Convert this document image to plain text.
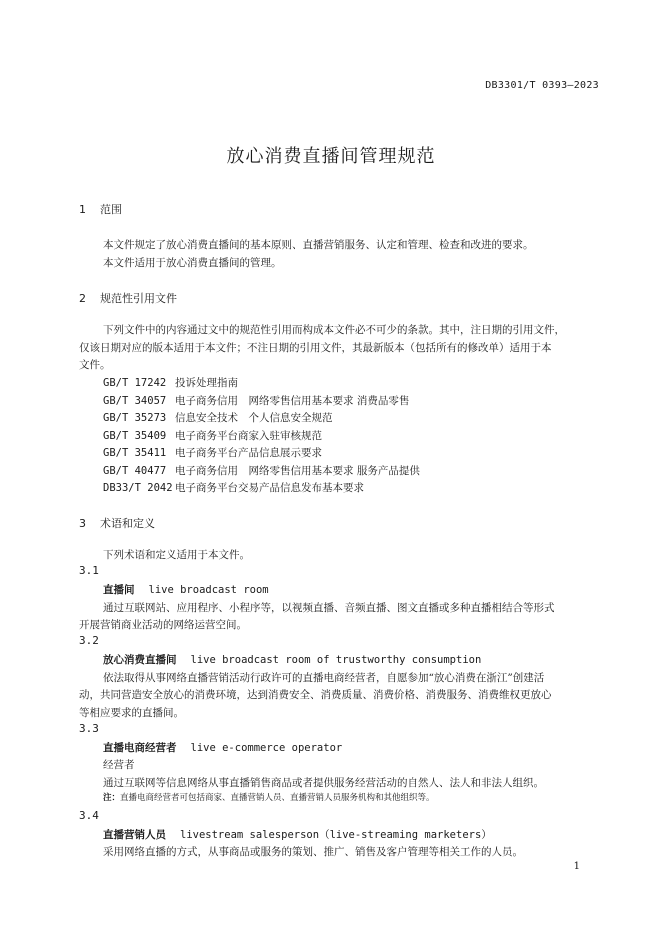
DB3301/T 0393—2023
放心消费直播间管理规范
1 范围
本文件规定了放心消费直播间的基本原则、直播营销服务、认定和管理、检查和改进的要求。
本文件适用于放心消费直播间的管理。
2 规范性引用文件
下列文件中的内容通过文中的规范性引用而构成本文件必不可少的条款。其中，注日期的引用文件，
仅该日期对应的版本适用于本文件；不注日期的引用文件，其最新版本（包括所有的修改单）适用于本
文件。
GB/T 17242 投诉处理指南
GB/T 34057 电子商务信用　网络零售信用基本要求 消费品零售
GB/T 35273 信息安全技术　个人信息安全规范
GB/T 35409 电子商务平台商家入驻审核规范
GB/T 35411 电子商务平台产品信息展示要求
GB/T 40477 电子商务信用　网络零售信用基本要求 服务产品提供
DB33/T 2042 电子商务平台交易产品信息发布基本要求
3 术语和定义
下列术语和定义适用于本文件。
3.1
直播间 live broadcast room
通过互联网站、应用程序、小程序等，以视频直播、音频直播、图文直播或多种直播相结合等形式
开展营销商业活动的网络运营空间。
3.2
放心消费直播间 live broadcast room of trustworthy consumption
依法取得从事网络直播营销活动行政许可的直播电商经营者，自愿参加“放心消费在浙江”创建活
动，共同营造安全放心的消费环境，达到消费安全、消费质量、消费价格、消费服务、消费维权更放心
等相应要求的直播间。
3.3
直播电商经营者 live e-commerce operator
经营者
通过互联网等信息网络从事直播销售商品或者提供服务经营活动的自然人、法人和非法人组织。
注：直播电商经营者可包括商家、直播营销人员、直播营销人员服务机构和其他组织等。
3.4
直播营销人员 livestream salesperson（live-streaming marketers）
采用网络直播的方式，从事商品或服务的策划、推广、销售及客户管理等相关工作的人员。
1
